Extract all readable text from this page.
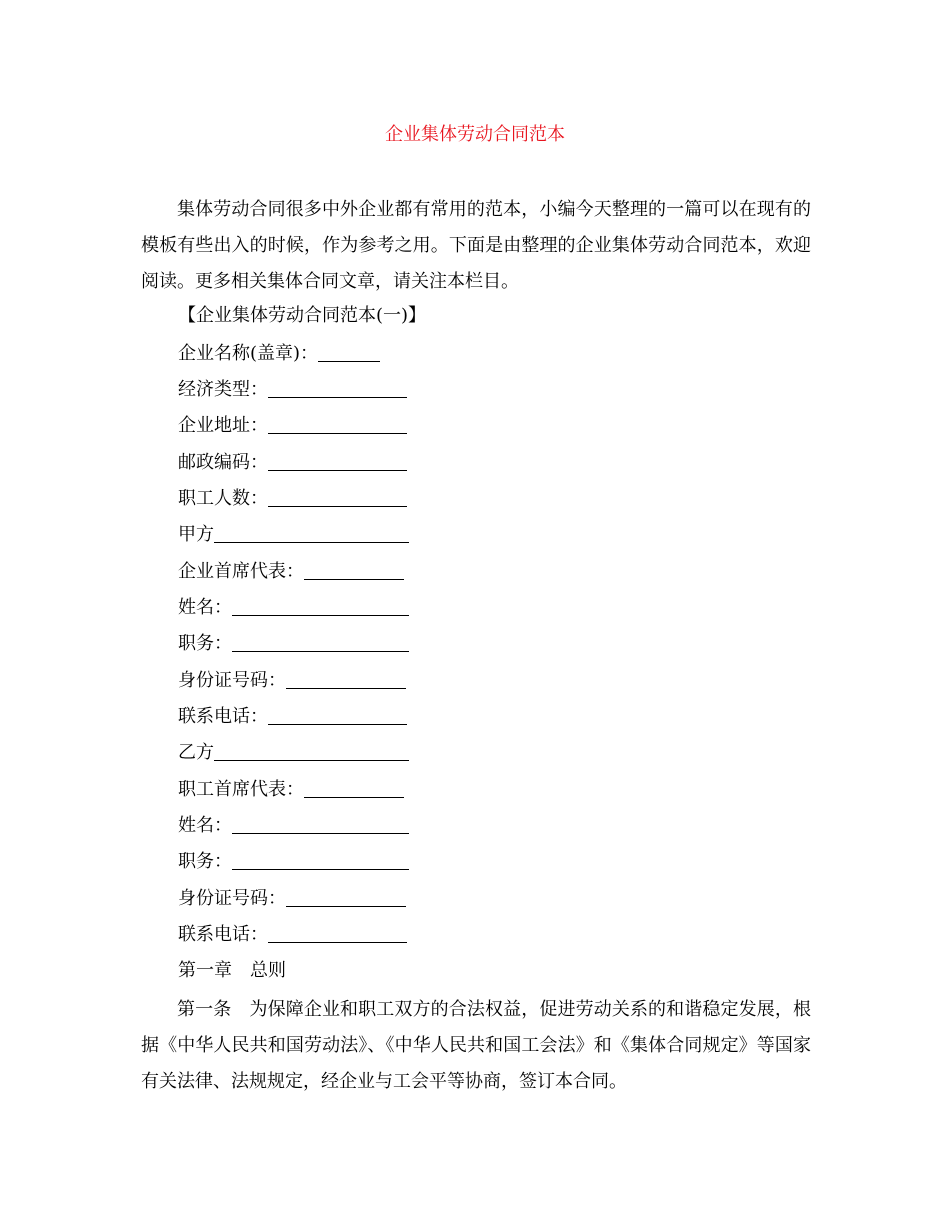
企业集体劳动合同范本

集体劳动合同很多中外企业都有常用的范本，小编今天整理的一篇可以在现有的模板有些出入的时候，作为参考之用。下面是由整理的企业集体劳动合同范本，欢迎阅读。更多相关集体合同文章，请关注本栏目。

【企业集体劳动合同范本(一)】
企业名称(盖章)：
经济类型：
企业地址：
邮政编码：
职工人数：
甲方
企业首席代表：
姓名：
职务：
身份证号码：
联系电话：
乙方
职工首席代表：
姓名：
职务：
身份证号码：
联系电话：
第一章　总则

第一条　为保障企业和职工双方的合法权益，促进劳动关系的和谐稳定发展，根据《中华人民共和国劳动法》、《中华人民共和国工会法》和《集体合同规定》等国家有关法律、法规规定，经企业与工会平等协商，签订本合同。
